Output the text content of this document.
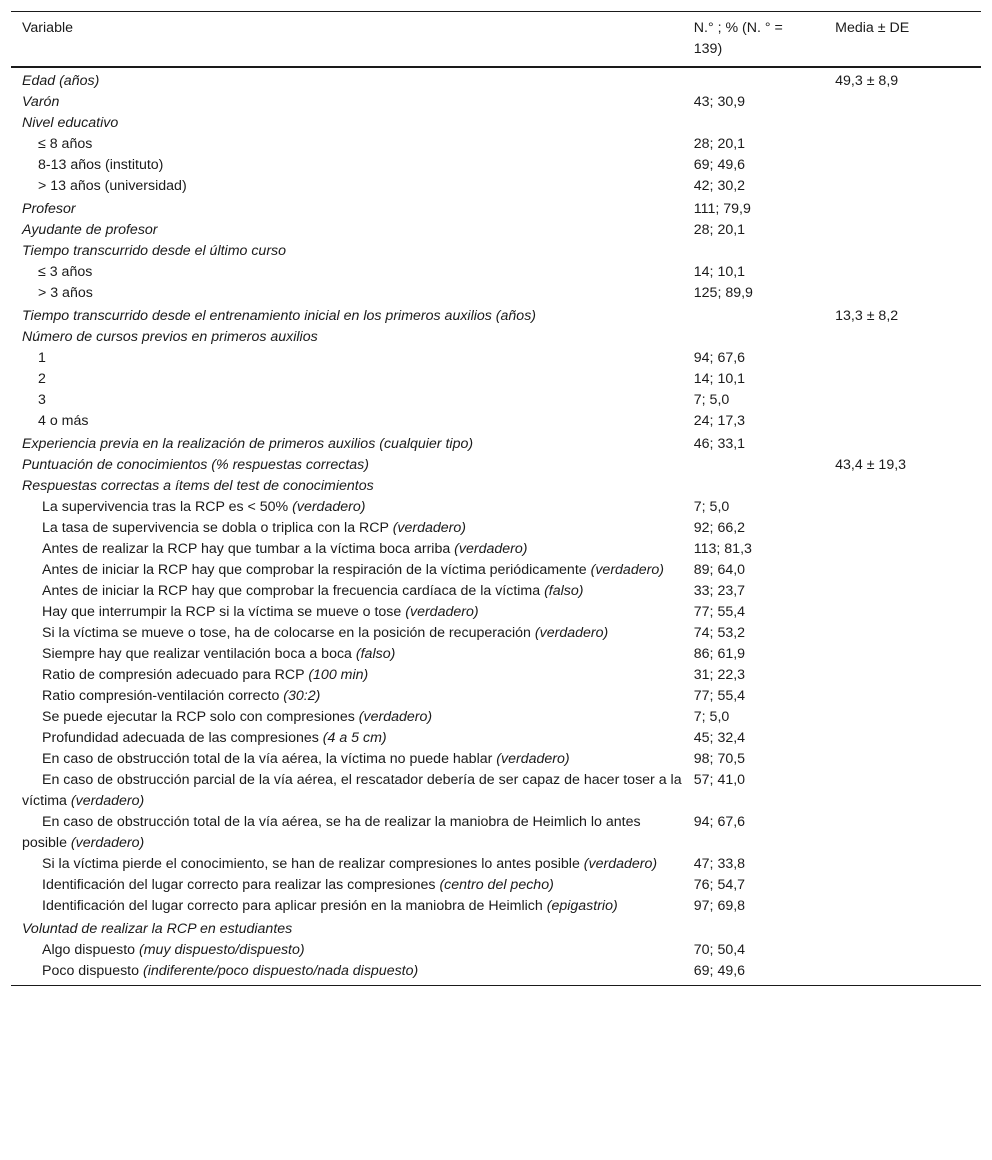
Variable	N.° ; % (N. ° = 139)	Media ± DE
Edad (años)		49,3 ± 8,9
Varón	43; 30,9	
Nivel educativo		
≤ 8 años	28; 20,1	
8-13 años (instituto)	69; 49,6	
> 13 años (universidad)	42; 30,2	
Profesor	111; 79,9	
Ayudante de profesor	28; 20,1	
Tiempo transcurrido desde el último curso		
≤ 3 años	14; 10,1	
> 3 años	125; 89,9	
Tiempo transcurrido desde el entrenamiento inicial en los primeros auxilios (años)		13,3 ± 8,2
Número de cursos previos en primeros auxilios		
1	94; 67,6	
2	14; 10,1	
3	7; 5,0	
4 o más	24; 17,3	
Experiencia previa en la realización de primeros auxilios (cualquier tipo)	46; 33,1	
Puntuación de conocimientos (% respuestas correctas)		43,4 ± 19,3
Respuestas correctas a ítems del test de conocimientos		
La supervivencia tras la RCP es < 50% (verdadero)	7; 5,0	
La tasa de supervivencia se dobla o triplica con la RCP (verdadero)	92; 66,2	
Antes de realizar la RCP hay que tumbar a la víctima boca arriba (verdadero)	113; 81,3	
Antes de iniciar la RCP hay que comprobar la respiración de la víctima periódicamente (verdadero)	89; 64,0	
Antes de iniciar la RCP hay que comprobar la frecuencia cardíaca de la víctima (falso)	33; 23,7	
Hay que interrumpir la RCP si la víctima se mueve o tose (verdadero)	77; 55,4	
Si la víctima se mueve o tose, ha de colocarse en la posición de recuperación (verdadero)	74; 53,2	
Siempre hay que realizar ventilación boca a boca (falso)	86; 61,9	
Ratio de compresión adecuado para RCP (100 min)	31; 22,3	
Ratio compresión-ventilación correcto (30:2)	77; 55,4	
Se puede ejecutar la RCP solo con compresiones (verdadero)	7; 5,0	
Profundidad adecuada de las compresiones (4 a 5 cm)	45; 32,4	
En caso de obstrucción total de la vía aérea, la víctima no puede hablar (verdadero)	98; 70,5	
En caso de obstrucción parcial de la vía aérea, el rescatador debería de ser capaz de hacer toser a la víctima (verdadero)	57; 41,0	
En caso de obstrucción total de la vía aérea, se ha de realizar la maniobra de Heimlich lo antes posible (verdadero)	94; 67,6	
Si la víctima pierde el conocimiento, se han de realizar compresiones lo antes posible (verdadero)	47; 33,8	
Identificación del lugar correcto para realizar las compresiones (centro del pecho)	76; 54,7	
Identificación del lugar correcto para aplicar presión en la maniobra de Heimlich (epigastrio)	97; 69,8	
Voluntad de realizar la RCP en estudiantes		
Algo dispuesto (muy dispuesto/dispuesto)	70; 50,4	
Poco dispuesto (indiferente/poco dispuesto/nada dispuesto)	69; 49,6	
